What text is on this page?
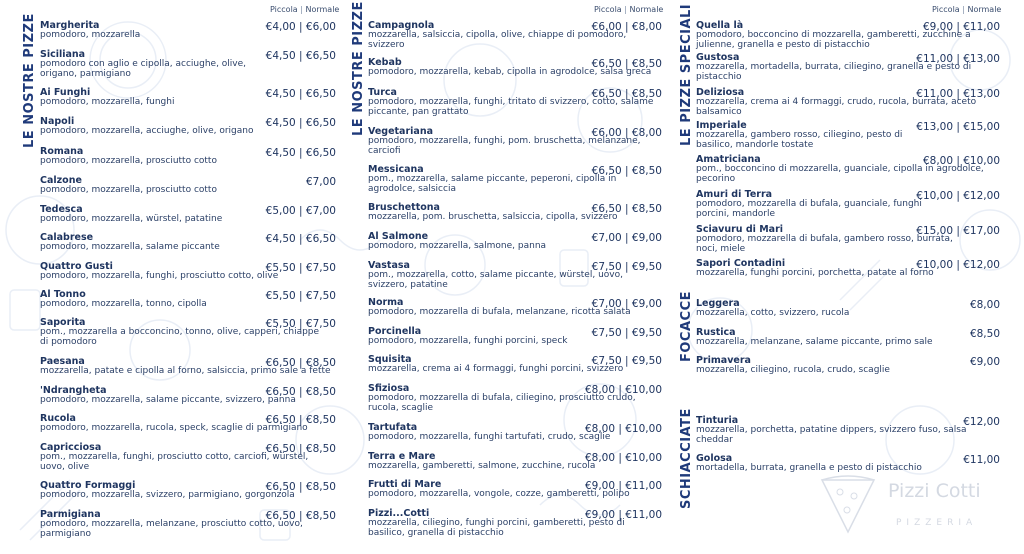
LE NOSTRE PIZZE
Piccola | Normale
Margherita
pomodoro, mozzarella
€4,00 | €6,00
Siciliana
pomodoro con aglio e cipolla, acciughe, olive, origano, parmigiano
€4,50 | €6,50
Ai Funghi
pomodoro, mozzarella, funghi
€4,50 | €6,50
Napoli
pomodoro, mozzarella, acciughe, olive, origano
€4,50 | €6,50
Romana
pomodoro, mozzarella, prosciutto cotto
€4,50 | €6,50
Calzone
pomodoro, mozzarella, prosciutto cotto
€7,00
Tedesca
pomodoro, mozzarella, würstel, patatine
€5,00 | €7,00
Calabrese
pomodoro, mozzarella, salame piccante
€4,50 | €6,50
Quattro Gusti
pomodoro, mozzarella, funghi, prosciutto cotto, olive
€5,50 | €7,50
Al Tonno
pomodoro, mozzarella, tonno, cipolla
€5,50 | €7,50
Saporita
pom., mozzarella a bocconcino, tonno, olive, capperi, chiappe di pomodoro
€5,50 | €7,50
Paesana
mozzarella, patate e cipolla al forno, salsiccia, primo sale a fette
€6,50 | €8,50
'Ndrangheta
pomodoro, mozzarella, salame piccante, svizzero, panna
€6,50 | €8,50
Rucola
pomodoro, mozzarella, rucola, speck, scaglie di parmigiano
€6,50 | €8,50
Capricciosa
pom., mozzarella, funghi, prosciutto cotto, carciofi, würstel, uovo, olive
€6,50 | €8,50
Quattro Formaggi
pomodoro, mozzarella, svizzero, parmigiano, gorgonzola
€6,50 | €8,50
Parmigiana
pomodoro, mozzarella, melanzane, prosciutto cotto, uovo, parmigiano
€6,50 | €8,50
LE NOSTRE PIZZE	Piccola | Normale
Campagnola
mozzarella, salsiccia, cipolla, olive, chiappe di pomodoro, svizzero
€6,00 | €8,00
Kebab
pomodoro, mozzarella, kebab, cipolla in agrodolce, salsa greca
€6,50 | €8,50
Turca
pomodoro, mozzarella, funghi, tritato di svizzero, cotto, salame piccante, pan grattato
€6,50 | €8,50
Vegetariana
pomodoro, mozzarella, funghi, pom. bruschetta, melanzane, carciofi
€6,00 | €8,00
Messicana
pom., mozzarella, salame piccante, peperoni, cipolla in agrodolce, salsiccia
€6,50 | €8,50
Bruschettona
mozzarella, pom. bruschetta, salsiccia, cipolla, svizzero
€6,50 | €8,50
Al Salmone
pomodoro, mozzarella, salmone, panna
€7,00 | €9,00
Vastasa
pom., mozzarella, cotto, salame piccante, würstel, uovo, svizzero, patatine
€7,50 | €9,50
Norma
pomodoro, mozzarella di bufala, melanzane, ricotta salata
€7,00 | €9,00
Porcinella
pomodoro, mozzarella, funghi porcini, speck
€7,50 | €9,50
Squisita
mozzarella, crema ai 4 formaggi, funghi porcini, svizzero
€7,50 | €9,50
Sfiziosa
pomodoro, mozzarella di bufala, ciliegino, prosciutto crudo, rucola, scaglie
€8,00 | €10,00
Tartufata
pomodoro, mozzarella, funghi tartufati, crudo, scaglie
€8,00 | €10,00
Terra e Mare
mozzarella, gamberetti, salmone, zucchine, rucola
€8,00 | €10,00
Frutti di Mare
pomodoro, mozzarella, vongole, cozze, gamberetti, polipo
€9,00 | €11,00
Pizzi...Cotti
mozzarella, ciliegino, funghi porcini, gamberetti, pesto di basilico, granella di pistacchio
€9,00 | €11,00
LE PIZZE SPECIALI
FOCACCE
SCHIACCIATE
Piccola | Normale
Quella là
pomodoro, bocconcino di mozzarella, gamberetti, zucchine a julienne, granella e pesto di pistacchio
€9,00 | €11,00
Gustosa
mozzarella, mortadella, burrata, ciliegino, granella e pesto di pistacchio
€11,00 | €13,00
Deliziosa
mozzarella, crema ai 4 formaggi, crudo, rucola, burrata, aceto balsamico
€11,00 | €13,00
Imperiale
mozzarella, gambero rosso, ciliegino, pesto di basilico, mandorle tostate
€13,00 | €15,00
Amatriciana
pom., bocconcino di mozzarella, guanciale, cipolla in agrodolce, pecorino
€8,00 | €10,00
Amuri di Terra
pomodoro, mozzarella di bufala, guanciale, funghi porcini, mandorle
€10,00 | €12,00
Sciavuru di Mari
pomodoro, mozzarella di bufala, gambero rosso, burrata, noci, miele
€15,00 | €17,00
Sapori Contadini
mozzarella, funghi porcini, porchetta, patate al forno
€10,00 | €12,00
Leggera
mozzarella, cotto, svizzero, rucola
€8,00
Rustica
mozzarella, melanzane, salame piccante, primo sale
€8,50
Primavera
mozzarella, ciliegino, rucola, crudo, scaglie
€9,00
Tinturia
mozzarella, porchetta, patatine dippers, svizzero fuso, salsa cheddar
€12,00
Golosa
mortadella, burrata, granella e pesto di pistacchio
€11,00
Pizzi Cotti
PIZZERIA
